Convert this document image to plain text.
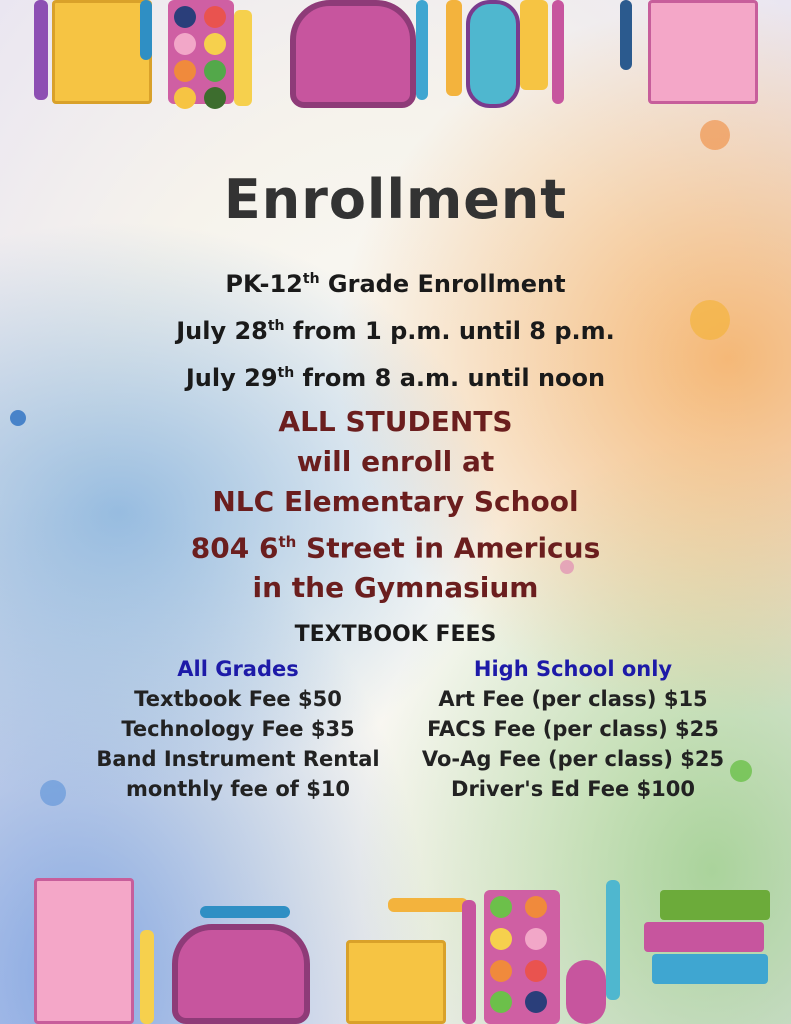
Enrollment
PK-12th Grade Enrollment
July 28th from 1 p.m. until 8 p.m.
July 29th from 8 a.m. until noon
ALL STUDENTS
will enroll at
NLC Elementary School
804 6th Street in Americus
in the Gymnasium
TEXTBOOK FEES
All Grades
Textbook Fee $50
Technology Fee $35
Band Instrument Rental
monthly fee of $10
High School only
Art Fee (per class) $15
FACS Fee (per class) $25
Vo-Ag Fee (per class) $25
Driver's Ed Fee $100
